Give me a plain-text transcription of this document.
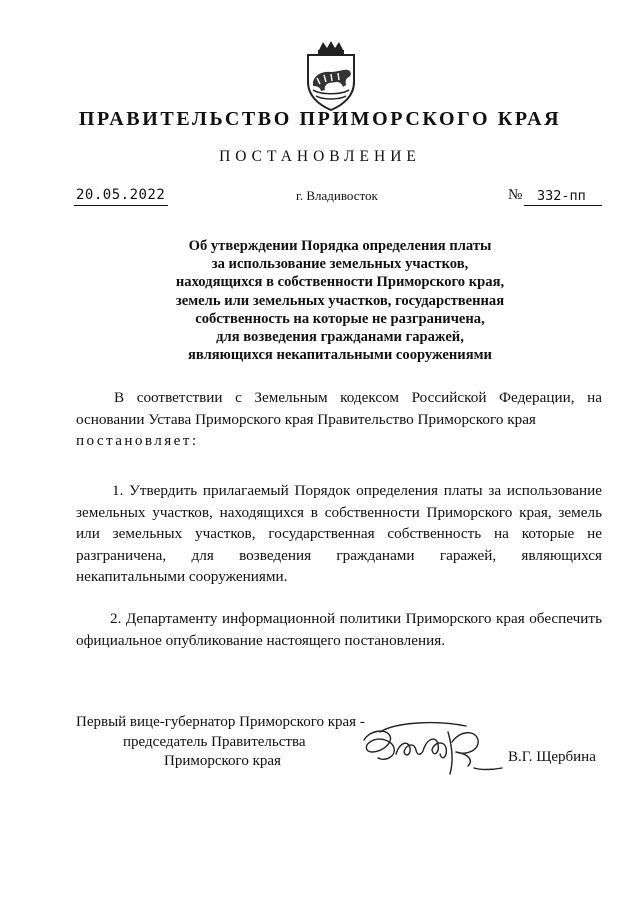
ПРАВИТЕЛЬСТВО ПРИМОРСКОГО КРАЯ
ПОСТАНОВЛЕНИЕ
20.05.2022	г. Владивосток	№ 332-пп
Об утверждении Порядка определения платы
за использование земельных участков,
находящихся в собственности Приморского края,
земель или земельных участков, государственная
собственность на которые не разграничена,
для возведения гражданами гаражей,
являющихся некапитальными сооружениями
В соответствии с Земельным кодексом Российской Федерации, на основании Устава Приморского края Правительство Приморского края
постановляет:
1. Утвердить прилагаемый Порядок определения платы за использование земельных участков, находящихся в собственности Приморского края, земель или земельных участков, государственная собственность на которые не разграничена, для возведения гражданами гаражей, являющихся некапитальными сооружениями.
2. Департаменту информационной политики Приморского края обеспечить официальное опубликование настоящего постановления.
Первый вице-губернатор Приморского края -
председатель Правительства
Приморского края	В.Г. Щербина
